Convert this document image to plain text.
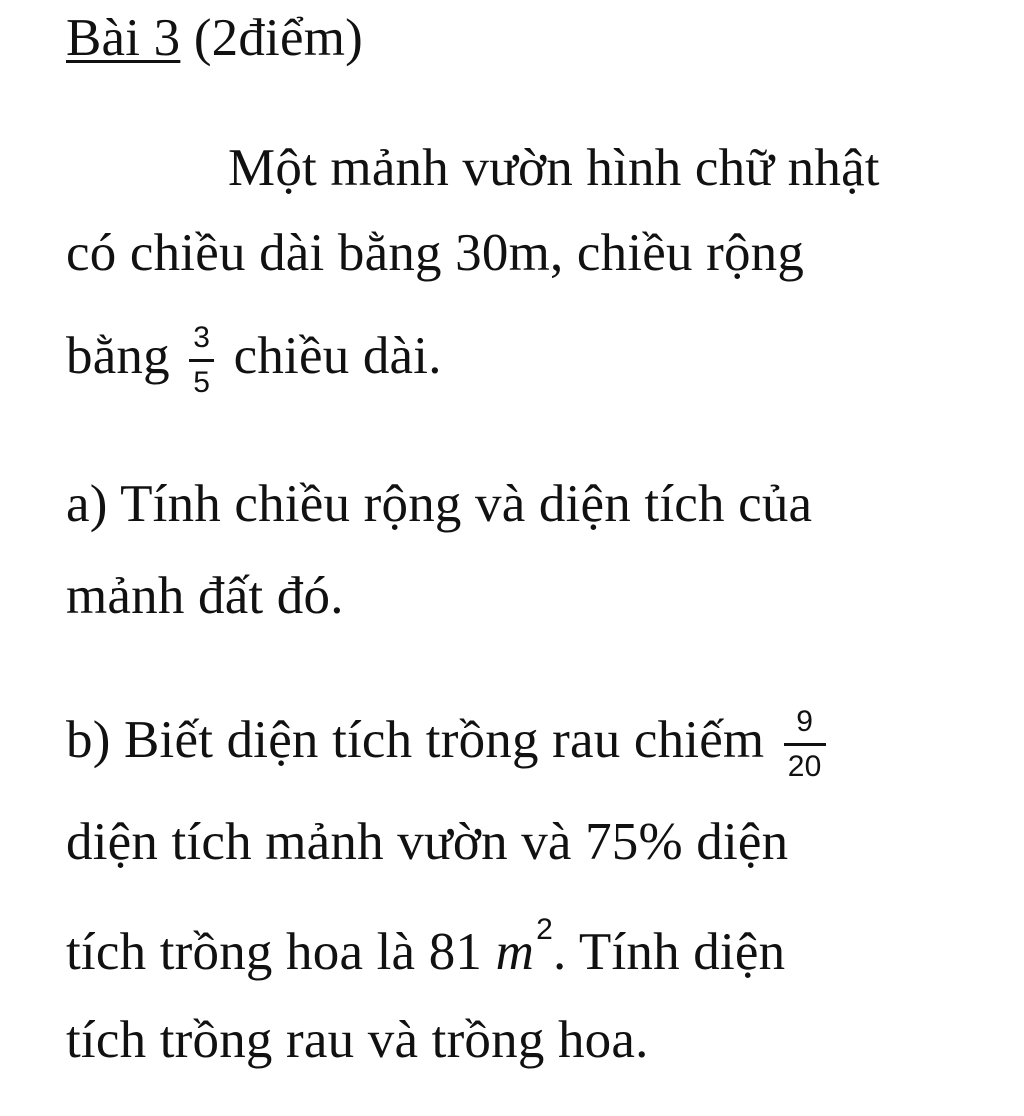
Bài 3 (2điểm)
Một mảnh vườn hình chữ nhật
có chiều dài bằng 30m, chiều rộng
bằng $\frac{3}{5}$ chiều dài.
a) Tính chiều rộng và diện tích của
mảnh đất đó.
b) Biết diện tích trồng rau chiếm $\frac{9}{20}$
diện tích mảnh vườn và 75% diện
tích trồng hoa là 81 $m^2$. Tính diện
tích trồng rau và trồng hoa.
